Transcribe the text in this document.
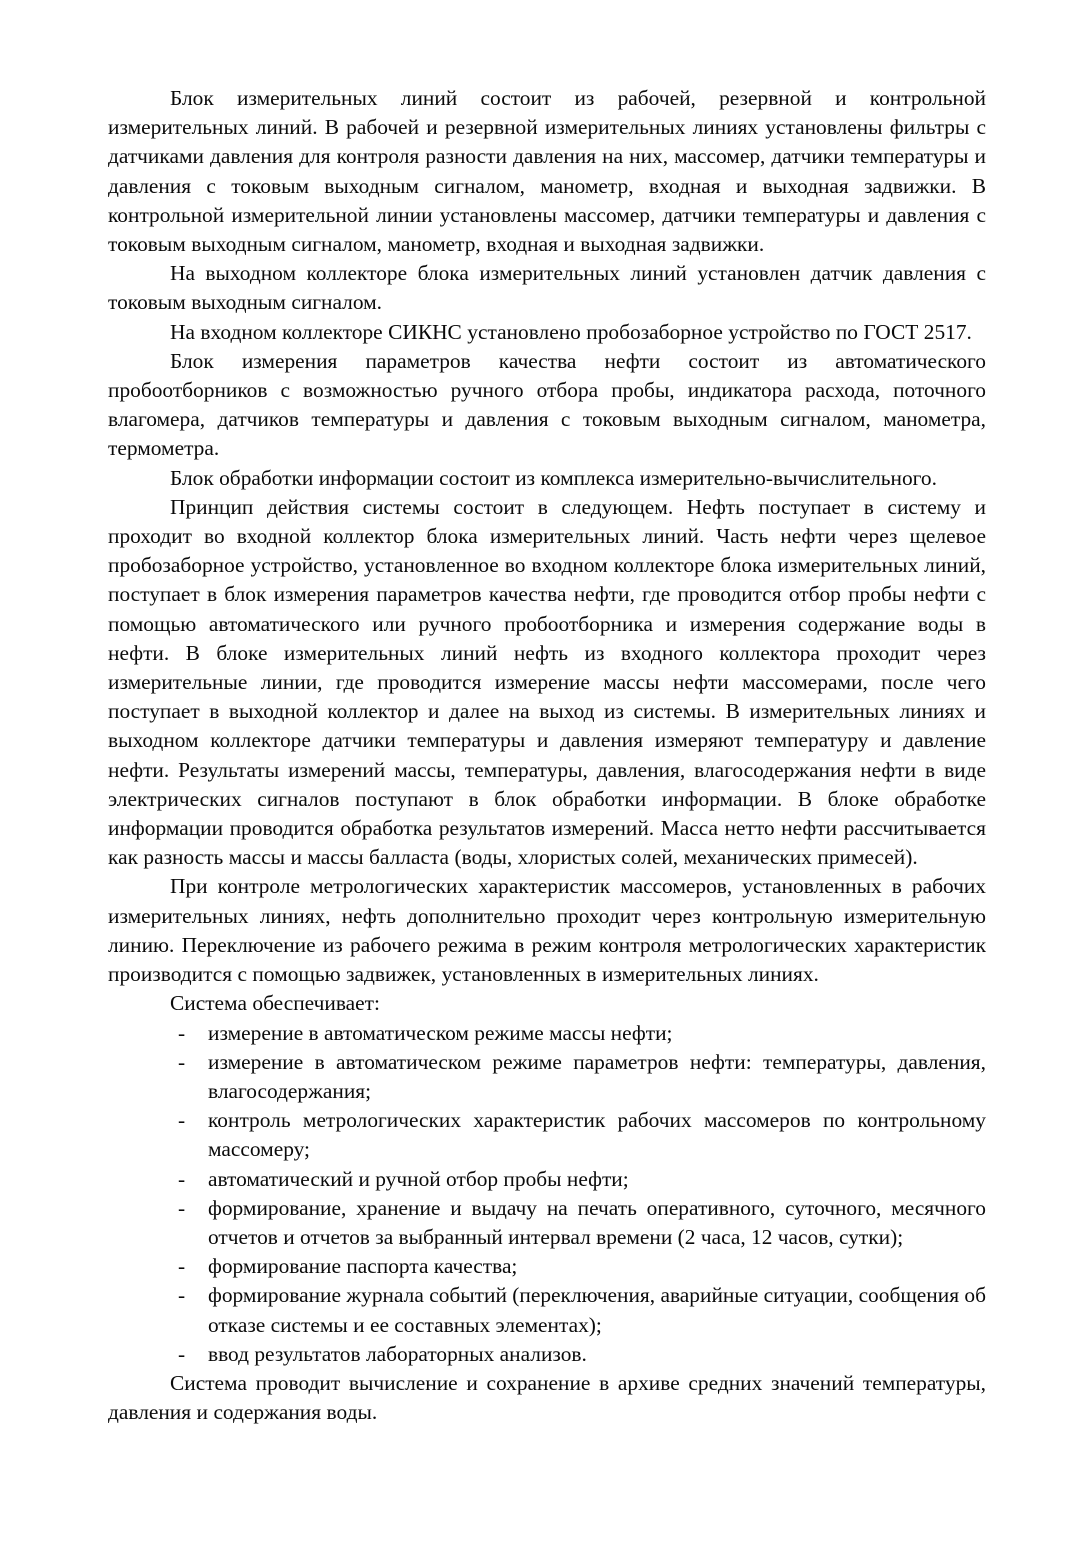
Блок измерительных линий состоит из рабочей, резервной и контрольной измерительных линий. В рабочей и резервной измерительных линиях установлены фильтры с датчиками давления для контроля разности давления на них, массомер, датчики температуры и давления с токовым выходным сигналом, манометр, входная и выходная задвижки. В контрольной измерительной линии установлены массомер, датчики температуры и давления с токовым выходным сигналом, манометр, входная и выходная задвижки.

На выходном коллекторе блока измерительных линий установлен датчик давления с токовым выходным сигналом.

На входном коллекторе СИКНС установлено пробозаборное устройство по ГОСТ 2517.

Блок измерения параметров качества нефти состоит из автоматического пробоотборников с возможностью ручного отбора пробы, индикатора расхода, поточного влагомера, датчиков температуры и давления с токовым выходным сигналом, манометра, термометра.

Блок обработки информации состоит из комплекса измерительно-вычислительного.

Принцип действия системы состоит в следующем. Нефть поступает в систему и проходит во входной коллектор блока измерительных линий. Часть нефти через щелевое пробозаборное устройство, установленное во входном коллекторе блока измерительных линий, поступает в блок измерения параметров качества нефти, где проводится отбор пробы нефти с помощью автоматического или ручного пробоотборника и измерения содержание воды в нефти. В блоке измерительных линий нефть из входного коллектора проходит через измерительные линии, где проводится измерение массы нефти массомерами, после чего поступает в выходной коллектор и далее на выход из системы. В измерительных линиях и выходном коллекторе датчики температуры и давления измеряют температуру и давление нефти. Результаты измерений массы, температуры, давления, влагосодержания нефти в виде электрических сигналов поступают в блок обработки информации. В блоке обработке информации проводится обработка результатов измерений. Масса нетто нефти рассчитывается как разность массы и массы балласта (воды, хлористых солей, механических примесей).

При контроле метрологических характеристик массомеров, установленных в рабочих измерительных линиях, нефть дополнительно проходит через контрольную измерительную линию. Переключение из рабочего режима в режим контроля метрологических характеристик производится с помощью задвижек, установленных в измерительных линиях.

Система обеспечивает:

- измерение в автоматическом режиме массы нефти;
- измерение в автоматическом режиме параметров нефти: температуры, давления, влагосодержания;
- контроль метрологических характеристик рабочих массомеров по контрольному массомеру;
- автоматический и ручной отбор пробы нефти;
- формирование, хранение и выдачу на печать оперативного, суточного, месячного отчетов и отчетов за выбранный интервал времени (2 часа, 12 часов, сутки);
- формирование паспорта качества;
- формирование журнала событий (переключения, аварийные ситуации, сообщения об отказе системы и ее составных элементах);
- ввод результатов лабораторных анализов.

Система проводит вычисление и сохранение в архиве средних значений температуры, давления и содержания воды.
